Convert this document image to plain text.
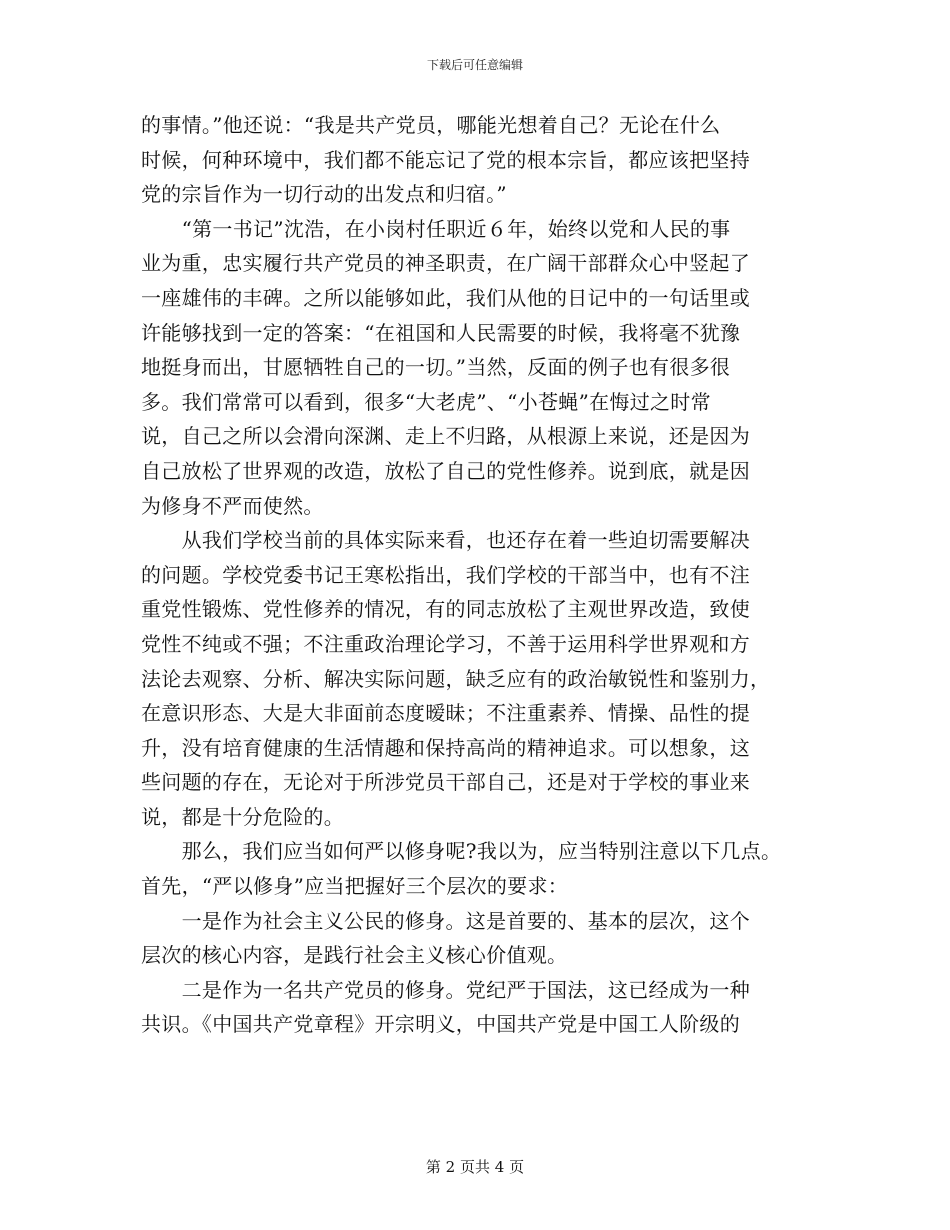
下载后可任意编辑
的事情。”他还说：“我是共产党员，哪能光想着自己？无论在什么
时候，何种环境中，我们都不能忘记了党的根本宗旨，都应该把坚持
党的宗旨作为一切行动的出发点和归宿。”
　　“第一书记”沈浩，在小岗村任职近６年，始终以党和人民的事
业为重，忠实履行共产党员的神圣职责，在广阔干部群众心中竖起了
一座雄伟的丰碑。之所以能够如此，我们从他的日记中的一句话里或
许能够找到一定的答案：“在祖国和人民需要的时候，我将毫不犹豫
地挺身而出，甘愿牺牲自己的一切。”当然，反面的例子也有很多很
多。我们常常可以看到，很多“大老虎”、“小苍蝇”在悔过之时常
说，自己之所以会滑向深渊、走上不归路，从根源上来说，还是因为
自己放松了世界观的改造，放松了自己的党性修养。说到底，就是因
为修身不严而使然。
　　从我们学校当前的具体实际来看，也还存在着一些迫切需要解决
的问题。学校党委书记王寒松指出，我们学校的干部当中，也有不注
重党性锻炼、党性修养的情况，有的同志放松了主观世界改造，致使
党性不纯或不强；不注重政治理论学习，不善于运用科学世界观和方
法论去观察、分析、解决实际问题，缺乏应有的政治敏锐性和鉴别力，
在意识形态、大是大非面前态度暧昧；不注重素养、情操、品性的提
升，没有培育健康的生活情趣和保持高尚的精神追求。可以想象，这
些问题的存在，无论对于所涉党员干部自己，还是对于学校的事业来
说，都是十分危险的。
　　那么，我们应当如何严以修身呢?我以为，应当特别注意以下几点。
首先，“严以修身”应当把握好三个层次的要求：
　　一是作为社会主义公民的修身。这是首要的、基本的层次，这个
层次的核心内容，是践行社会主义核心价值观。
　　二是作为一名共产党员的修身。党纪严于国法，这已经成为一种
共识。《中国共产党章程》开宗明义，中国共产党是中国工人阶级的
第 2 页共 4 页
